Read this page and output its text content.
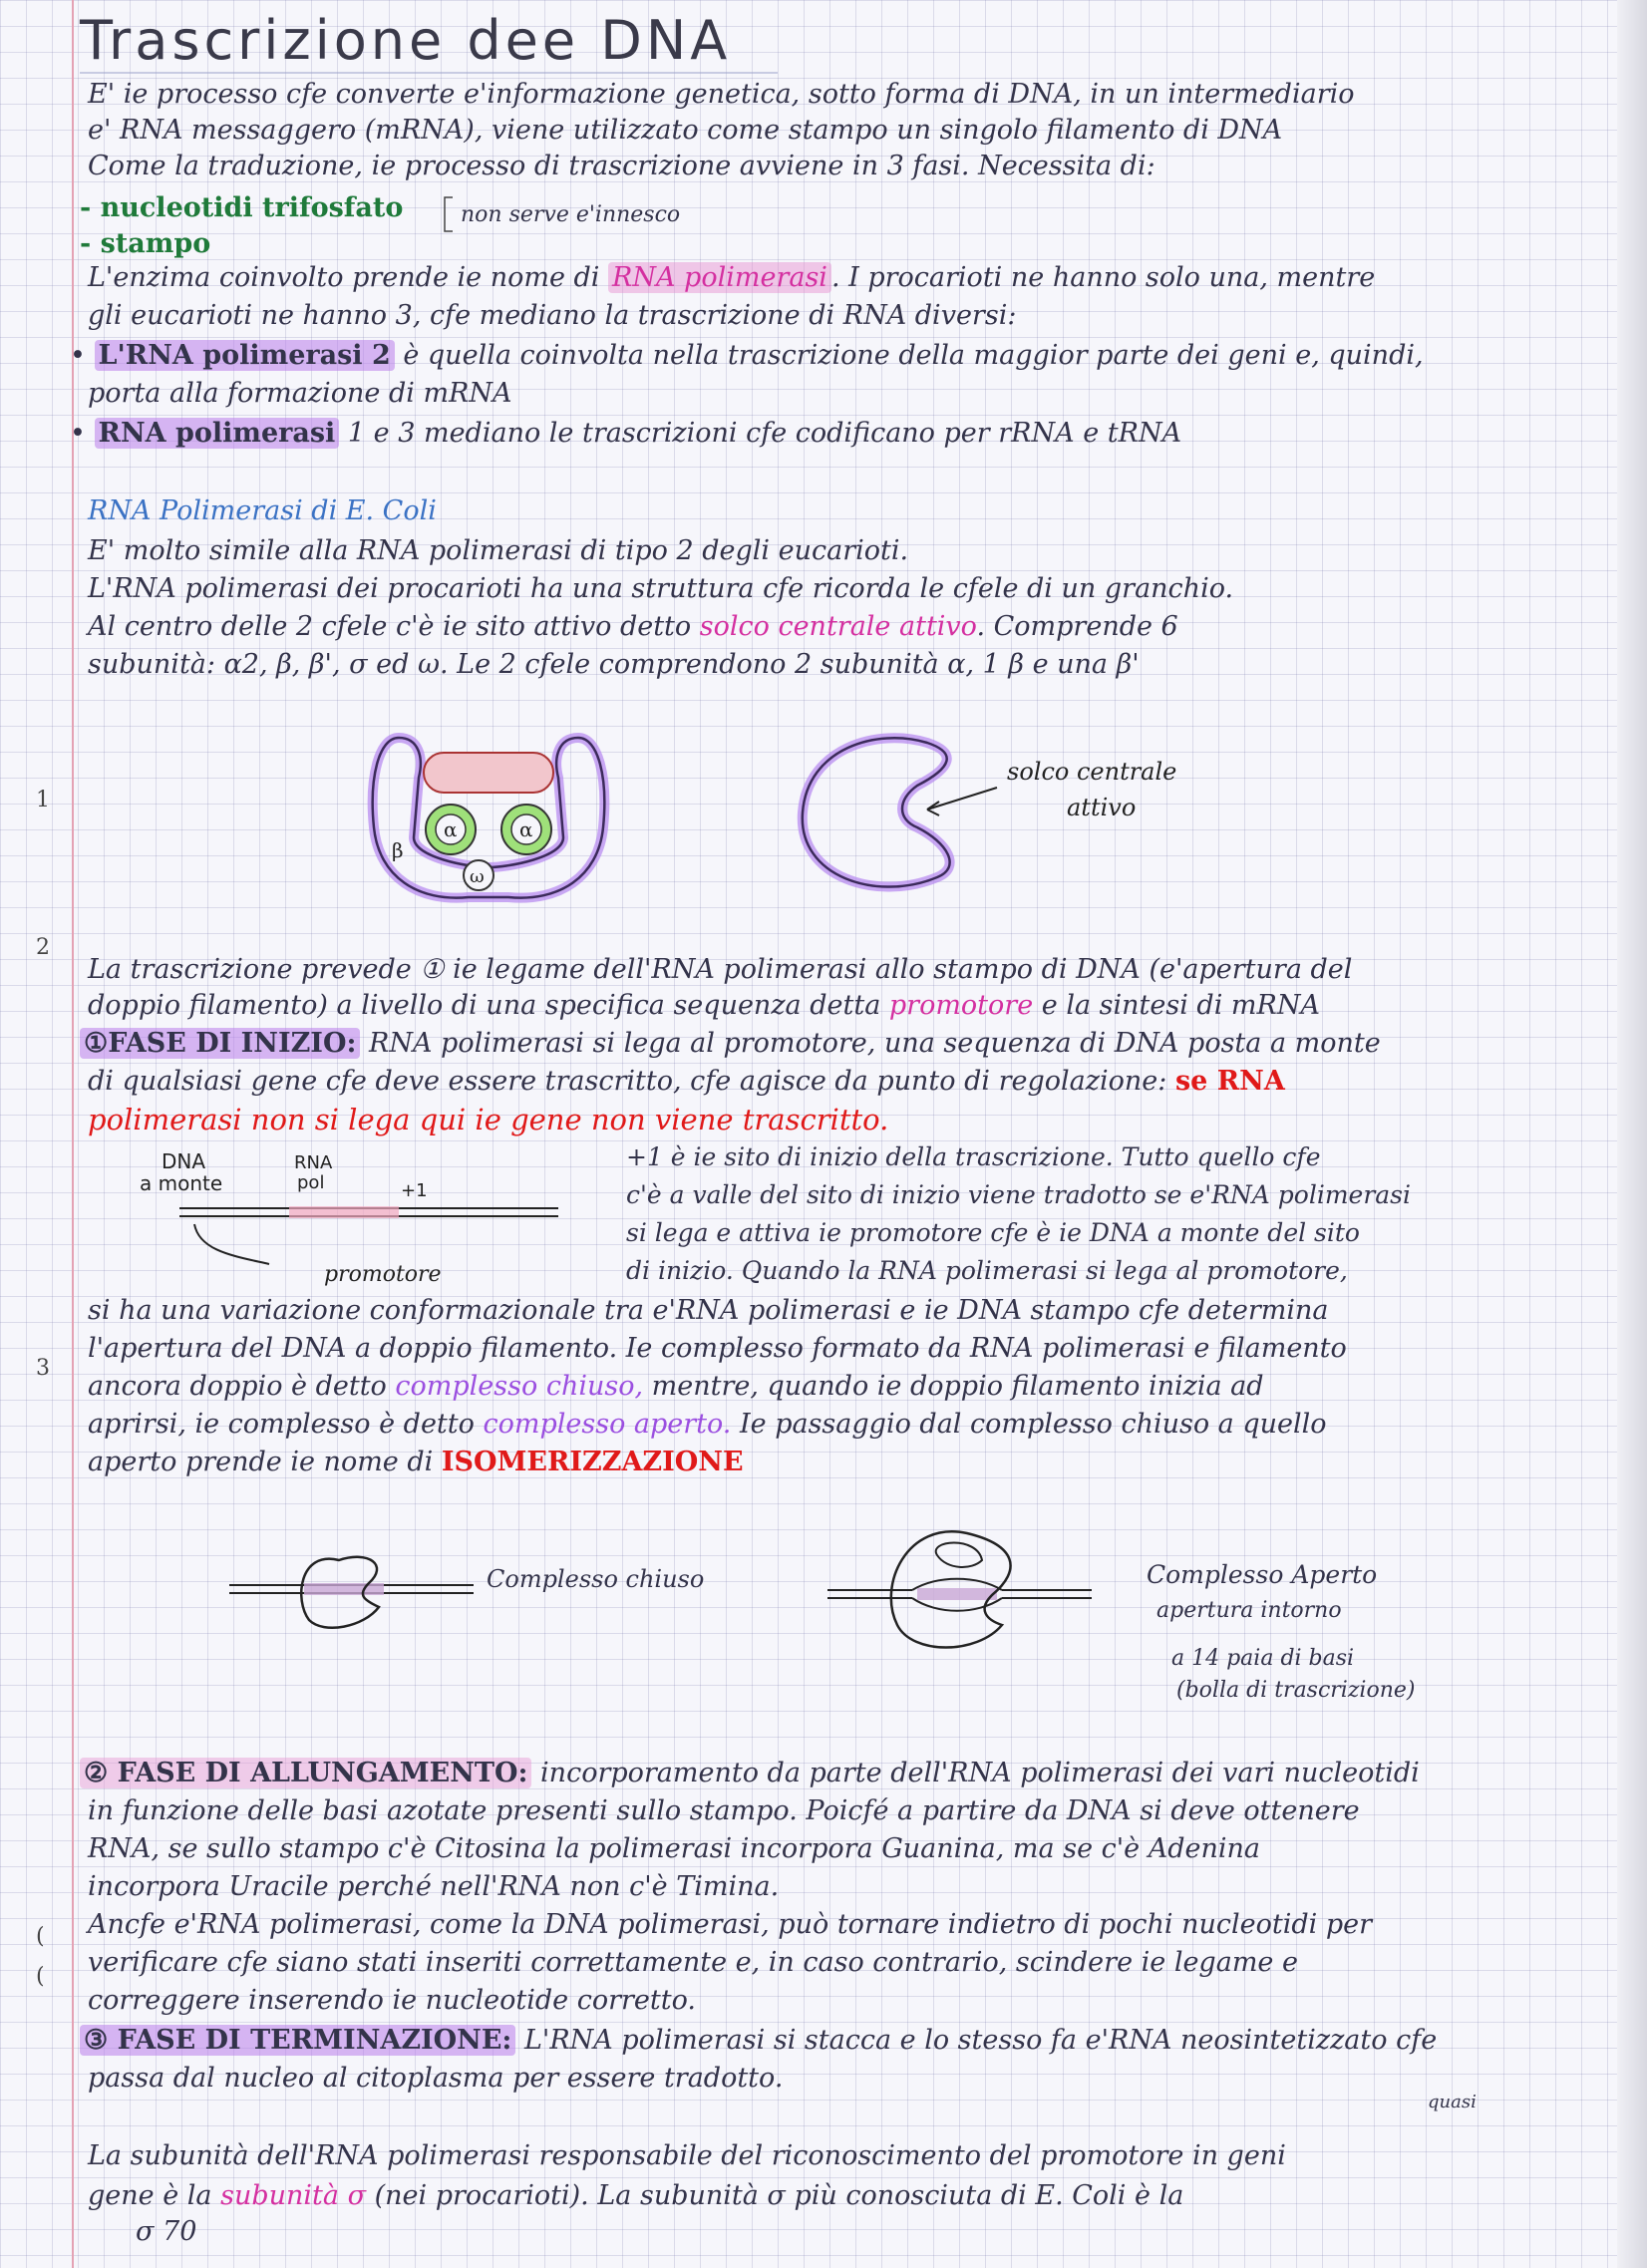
Trascrizione dee DNA
E' ie processo cfe converte e'informazione genetica, sotto forma di DNA, in un intermediario
e' RNA messaggero (mRNA), viene utilizzato come stampo un singolo filamento di DNA
Come la traduzione, ie processo di trascrizione avviene in 3 fasi. Necessita di:
- nucleotidi trifosfato
- stampo
non serve e'innesco
L'enzima coinvolto prende ie nome di RNA polimerasi . I procarioti ne hanno solo una, mentre
gli eucarioti ne hanno 3, cfe mediano la trascrizione di RNA diversi:
• L'RNA polimerasi 2 è quella coinvolta nella trascrizione della maggior parte dei geni e, quindi,
porta alla formazione di mRNA
• RNA polimerasi 1 e 3 mediano le trascrizioni cfe codificano per rRNA e tRNA
RNA Polimerasi di E. Coli
E' molto simile alla RNA polimerasi di tipo 2 degli eucarioti.
L'RNA polimerasi dei procarioti ha una struttura cfe ricorda le cfele di un granchio.
Al centro delle 2 cfele c'è ie sito attivo detto solco centrale attivo. Comprende 6
subunità: α2, β, β', σ ed ω. Le 2 cfele comprendono 2 subunità α, 1 β e una β'
α	α
β
ω
solco centrale
attivo
La trascrizione prevede ① ie legame dell'RNA polimerasi allo stampo di DNA (e'apertura del
doppio filamento) a livello di una specifica sequenza detta promotore e la sintesi di mRNA
①FASE DI INIZIO: RNA polimerasi si lega al promotore, una sequenza di DNA posta a monte
di qualsiasi gene cfe deve essere trascritto, cfe agisce da punto di regolazione: se RNA
polimerasi non si lega qui ie gene non viene trascritto.
DNA
a monte
RNA
pol	+1
promotore
+1 è ie sito di inizio della trascrizione. Tutto quello cfe
c'è a valle del sito di inizio viene tradotto se e'RNA polimerasi
si lega e attiva ie promotore cfe è ie DNA a monte del sito
di inizio. Quando la RNA polimerasi si lega al promotore,
si ha una variazione conformazionale tra e'RNA polimerasi e ie DNA stampo cfe determina
l'apertura del DNA a doppio filamento. Ie complesso formato da RNA polimerasi e filamento
ancora doppio è detto complesso chiuso, mentre, quando ie doppio filamento inizia ad
aprirsi, ie complesso è detto complesso aperto. Ie passaggio dal complesso chiuso a quello
aperto prende ie nome di ISOMERIZZAZIONE
Complesso chiuso	Complesso Aperto
apertura intorno
a 14 paia di basi
(bolla di trascrizione)
② FASE DI ALLUNGAMENTO: incorporamento da parte dell'RNA polimerasi dei vari nucleotidi
in funzione delle basi azotate presenti sullo stampo. Poicfé a partire da DNA si deve ottenere
RNA, se sullo stampo c'è Citosina la polimerasi incorpora Guanina, ma se c'è Adenina
incorpora Uracile perché nell'RNA non c'è Timina.
Ancfe e'RNA polimerasi, come la DNA polimerasi, può tornare indietro di pochi nucleotidi per
verificare cfe siano stati inseriti correttamente e, in caso contrario, scindere ie legame e
correggere inserendo ie nucleotide corretto.
③ FASE DI TERMINAZIONE: L'RNA polimerasi si stacca e lo stesso fa e'RNA neosintetizzato cfe
passa dal nucleo al citoplasma per essere tradotto.
quasi
La subunità dell'RNA polimerasi responsabile del riconoscimento del promotore in geni
gene è la subunità σ (nei procarioti). La subunità σ più conosciuta di E. Coli è la
σ 70
1
2
3
(
(
